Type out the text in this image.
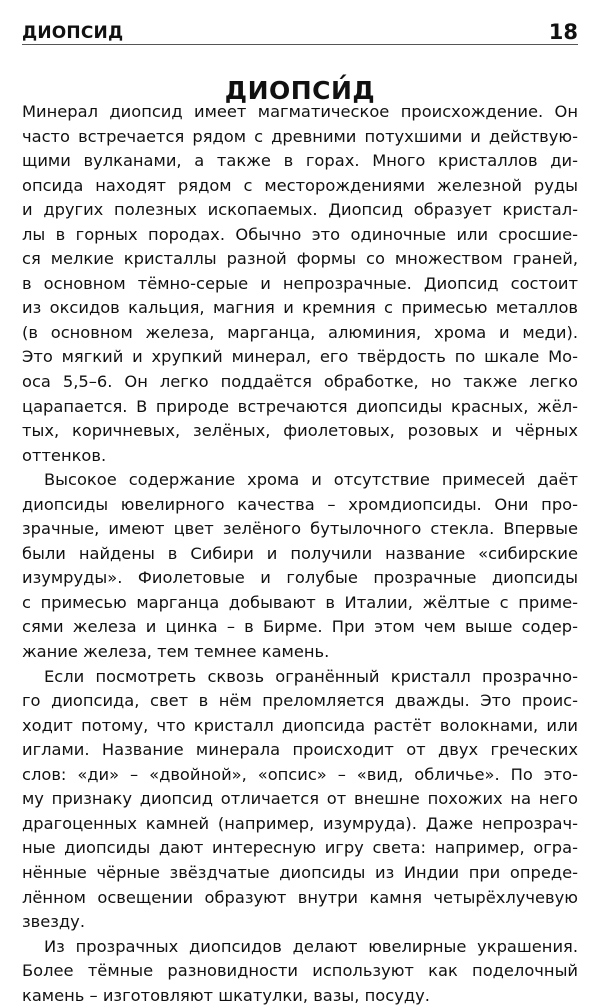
ДИОПСИД	18
ДИОПСИ́Д

Минерал диопсид имеет магматическое происхождение. Он
часто встречается рядом с древними потухшими и действую-
щими вулканами, а также в горах. Много кристаллов ди-
опсида находят рядом с месторождениями железной руды
и других полезных ископаемых. Диопсид образует кристал-
лы в горных породах. Обычно это одиночные или сросшие-
ся мелкие кристаллы разной формы со множеством граней,
в основном тёмно-серые и непрозрачные. Диопсид состоит
из оксидов кальция, магния и кремния с примесью металлов
(в основном железа, марганца, алюминия, хрома и меди).
Это мягкий и хрупкий минерал, его твёрдость по шкале Мо-
оса 5,5–6. Он легко поддаётся обработке, но также легко
царапается. В природе встречаются диопсиды красных, жёл-
тых, коричневых, зелёных, фиолетовых, розовых и чёрных
оттенков.

Высокое содержание хрома и отсутствие примесей даёт
диопсиды ювелирного качества – хромдиопсиды. Они про-
зрачные, имеют цвет зелёного бутылочного стекла. Впервые
были найдены в Сибири и получили название «сибирские
изумруды». Фиолетовые и голубые прозрачные диопсиды
с примесью марганца добывают в Италии, жёлтые с приме-
сями железа и цинка – в Бирме. При этом чем выше содер-
жание железа, тем темнее камень.

Если посмотреть сквозь огранённый кристалл прозрачно-
го диопсида, свет в нём преломляется дважды. Это проис-
ходит потому, что кристалл диопсида растёт волокнами, или
иглами. Название минерала происходит от двух греческих
слов: «ди» – «двойной», «опсис» – «вид, обличье». По это-
му признаку диопсид отличается от внешне похожих на него
драгоценных камней (например, изумруда). Даже непрозрач-
ные диопсиды дают интересную игру света: например, огра-
нённые чёрные звёздчатые диопсиды из Индии при опреде-
лённом освещении образуют внутри камня четырёхлучевую
звезду.

Из прозрачных диопсидов делают ювелирные украшения.
Более тёмные разновидности используют как поделочный
камень – изготовляют шкатулки, вазы, посуду.
